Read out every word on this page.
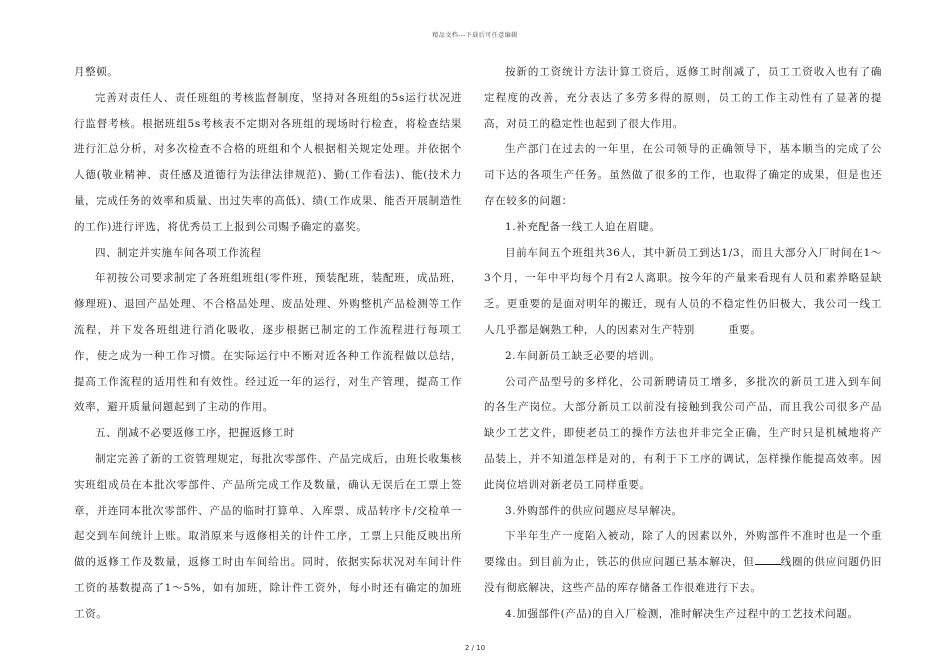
精品文档---下载后可任意编辑

月整顿。

完善对责任人、责任班组的考核监督制度，坚持对各班组的5s运行状况进行监督考核。根据班组5s考核表不定期对各班组的现场时行检查，将检查结果进行汇总分析，对多次检查不合格的班组和个人根据相关规定处理。并依据个人德(敬业精神、责任感及道德行为法律法律规范)、勤(工作看法)、能(技术力量，完成任务的效率和质量、出过失率的高低)、绩(工作成果、能否开展制造性的工作)进行评选，将优秀员工上报到公司赐予确定的嘉奖。

四、制定并实施车间各项工作流程

年初按公司要求制定了各班组班组(零件班，预装配班，装配班，成品班，修理班)、退回产品处理、不合格品处理、废品处理、外购整机产品检测等工作流程，并下发各班组进行消化吸收，逐步根据已制定的工作流程进行每项工作，使之成为一种工作习惯。在实际运行中不断对近各种工作流程做以总结，提高工作流程的适用性和有效性。经过近一年的运行，对生产管理，提高工作效率，避开质量问题起到了主动的作用。

五、削减不必要返修工序，把握返修工时

制定完善了新的工资管理规定，每批次零部件、产品完成后，由班长收集核实班组成员在本批次零部件、产品所完成工作及数量，确认无误后在工票上签章，并连同本批次零部件、产品的临时打算单、入库票、成品转序卡/交检单一起交到车间统计上账。取消原来与返修相关的计件工序，工票上只能反映出所做的返修工作及数量，返修工时由车间给出。同时，依据实际状况对车间计件工资的基数提高了1～5%，如有加班，除计件工资外，每小时还有确定的加班工资。

按新的工资统计方法计算工资后，返修工时削减了，员工工资收入也有了确定程度的改善，充分表达了多劳多得的原则，员工的工作主动性有了显著的提高，对员工的稳定性也起到了很大作用。

生产部门在过去的一年里，在公司领导的正确领导下，基本顺当的完成了公司下达的各项生产任务。虽然做了很多的工作，也取得了确定的成果，但是也还存在较多的问题：

1.补充配备一线工人迫在眉睫。

目前车间五个班组共36人，其中新员工到达1/3，而且大部分入厂时间在1～3个月，一年中平均每个月有2人离职。按今年的产量来看现有人员和素养略显缺乏。更重要的是面对明年的搬迁，现有人员的不稳定性仍旧极大，我公司一线工人几乎都是娴熟工种，人的因素对生产特别　　　重要。

2.车间新员工缺乏必要的培训。

公司产品型号的多样化，公司新聘请员工增多，多批次的新员工进入到车间的各生产岗位。大部分新员工以前没有接触到我公司产品，而且我公司很多产品缺少工艺文件，即使老员工的操作方法也并非完全正确，生产时只是机械地将产品装上，并不知道怎样是对的，有利于下工序的调试，怎样操作能提高效率。因此岗位培训对新老员工同样重要。

3.外购部件的供应问题应尽早解决。

下半年生产一度陷入被动，除了人的因素以外，外购部件不准时也是一个重要缘由。到目前为止，铁芯的供应问题已基本解决，但 线圈的供应问题仍旧没有彻底解决，这些产品的库存储备工作很难进行下去。

4.加强部件(产品)的自入厂检测，准时解决生产过程中的工艺技术问题。

2 / 10
